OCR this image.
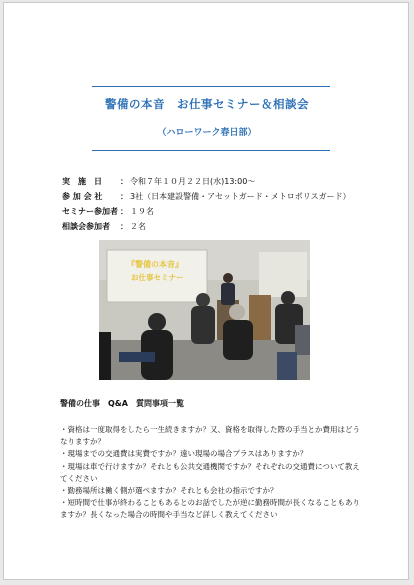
警備の本音　お仕事セミナー＆相談会
（ハローワーク春日部）
実　施　日	： 令和７年１０月２２日(水)13:00～
参 加 会 社	： 3社（日本建設警備・アセットガード・メトロポリスガード）
セミナー参加者 ： １９名
相談会参加者	： ２名
『警備の本音』
お仕事セミナー
警備の仕事　Q&A　質問事項一覧
・資格は一度取得をしたら一生続きますか？又、資格を取得した際の手当とか費用はどうなりますか？
・現場までの交通費は実費ですか？遠い現場の場合プラスはありますか？
・現場は車で行けますか？それとも公共交通機関ですか？それぞれの交通費について教えてください
・勤務場所は働く側が選べますか？それとも会社の指示ですか？
・短時間で仕事が終わることもあるとのお話でしたが逆に勤務時間が長くなることもありますか？長くなった場合の時間や手当など詳しく教えてください
